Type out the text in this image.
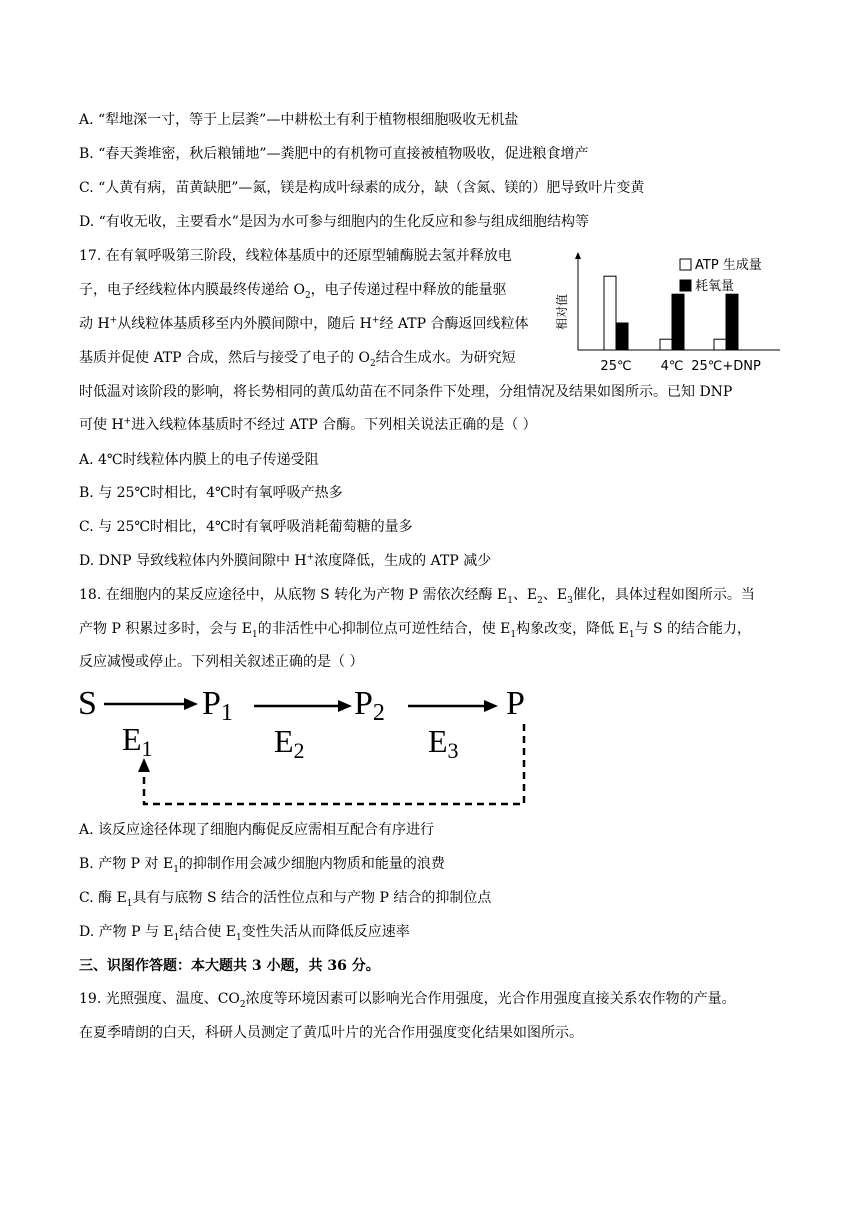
A. “犁地深一寸，等于上层粪”—中耕松土有利于植物根细胞吸收无机盐
B. “春天粪堆密，秋后粮铺地”—粪肥中的有机物可直接被植物吸收，促进粮食增产
C. “人黄有病，苗黄缺肥”—氮，镁是构成叶绿素的成分，缺（含氮、镁的）肥导致叶片变黄
D. “有收无收，主要看水”是因为水可参与细胞内的生化反应和参与组成细胞结构等
17. 在有氧呼吸第三阶段，线粒体基质中的还原型辅酶脱去氢并释放电
子，电子经线粒体内膜最终传递给 $O_2$，电子传递过程中释放的能量驱
动 H+从线粒体基质移至内外膜间隙中，随后 H+经 ATP 合酶返回线粒体
基质并促使 ATP 合成，然后与接受了电子的 $O_2$结合生成水。为研究短
时低温对该阶段的影响，将长势相同的黄瓜幼苗在不同条件下处理，分组情况及结果如图所示。已知 DNP
可使 H+进入线粒体基质时不经过 ATP 合酶。下列相关说法正确的是（ ）
相对值
25℃ 4℃ 25℃+DNP
ATP 生成量
耗氧量
A. 4℃时线粒体内膜上的电子传递受阻
B. 与 25℃时相比，4℃时有氧呼吸产热多
C. 与 25℃时相比，4℃时有氧呼吸消耗葡萄糖的量多
D. DNP 导致线粒体内外膜间隙中 H+浓度降低，生成的 ATP 减少
18. 在细胞内的某反应途径中，从底物 S 转化为产物 P 需依次经酶 $E_1$、$E_2$、$E_3$催化，具体过程如图所示。当
产物 P 积累过多时，会与 $E_1$的非活性中心抑制位点可逆性结合，使 $E_1$构象改变，降低 $E_1$与 S 的结合能力，
反应减慢或停止。下列相关叙述正确的是（ ）
S
E1
P1
E2
P2
E3
P
A. 该反应途径体现了细胞内酶促反应需相互配合有序进行
B. 产物 P 对 $E_1$的抑制作用会减少细胞内物质和能量的浪费
C. 酶 $E_1$具有与底物 S 结合的活性位点和与产物 P 结合的抑制位点
D. 产物 P 与 $E_1$结合使 $E_1$变性失活从而降低反应速率
三、识图作答题：本大题共 3 小题，共 36 分。
19. 光照强度、温度、$CO_2$浓度等环境因素可以影响光合作用强度，光合作用强度直接关系农作物的产量。
在夏季晴朗的白天，科研人员测定了黄瓜叶片的光合作用强度变化结果如图所示。
